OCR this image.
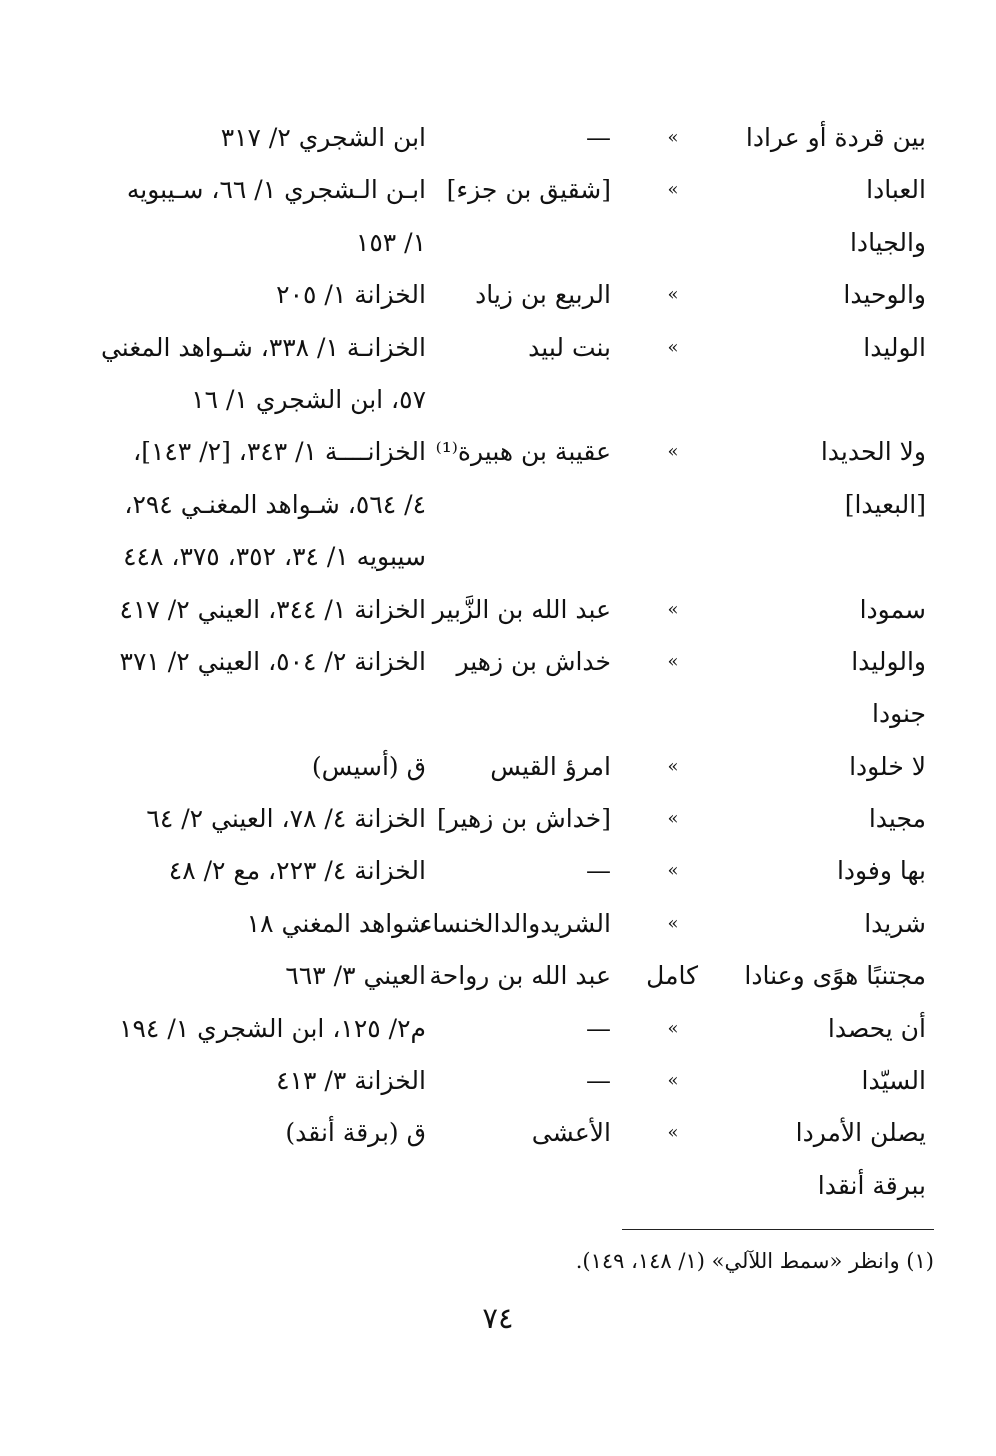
بين قردة أو عرادا
»
—
ابن الشجري ٢/ ٣١٧
العبادا
»
[شقيق بن جزء]
ابـن الـشجري ١/ ٦٦، سـيبويه
والجيادا
١/ ١٥٣
والوحيدا
»
الربيع بن زياد
الخزانة ١/ ٢٠٥
الوليدا
»
بنت لبيد
الخزانـة ١/ ٣٣٨، شـواهد المغني
٥٧، ابن الشجري ١/ ١٦
ولا الحديدا
»
عقيبة بن هبيرة⁽¹⁾
الخزانــــة ١/ ٣٤٣، [٢/ ١٤٣]،
[البعيدا]
٤/ ٥٦٤، شـواهد المغنـي ٢٩٤،
سيبويه ١/ ٣٤، ٣٥٢، ٣٧٥، ٤٤٨
سمودا
»
عبد الله بن الزَّبير
الخزانة ١/ ٣٤٤، العيني ٢/ ٤١٧
والوليدا
»
خداش بن زهير
الخزانة ٢/ ٥٠٤، العيني ٢/ ٣٧١
جنودا
لا خلودا
»
امرؤ القيس
ق (أسيس)
مجيدا
»
[خداش بن زهير]
الخزانة ٤/ ٧٨، العيني ٢/ ٦٤
بها وفودا
»
—
الخزانة ٤/ ٢٢٣، مع ٢/ ٤٨
شريدا
»
الشريدوالدالخنساء
شواهد المغني ١٨
مجتنبًا هوًى وعنادا
كامل
عبد الله بن رواحة
العيني ٣/ ٦٦٣
أن يحصدا
»
—
م٢/ ١٢٥، ابن الشجري ١/ ١٩٤
السيّدا
»
—
الخزانة ٣/ ٤١٣
يصلن الأمردا
»
الأعشى
ق (برقة أنقد)
ببرقة أنقدا
(١) وانظر «سمط اللآلي» (١/ ١٤٨، ١٤٩).
٧٤
